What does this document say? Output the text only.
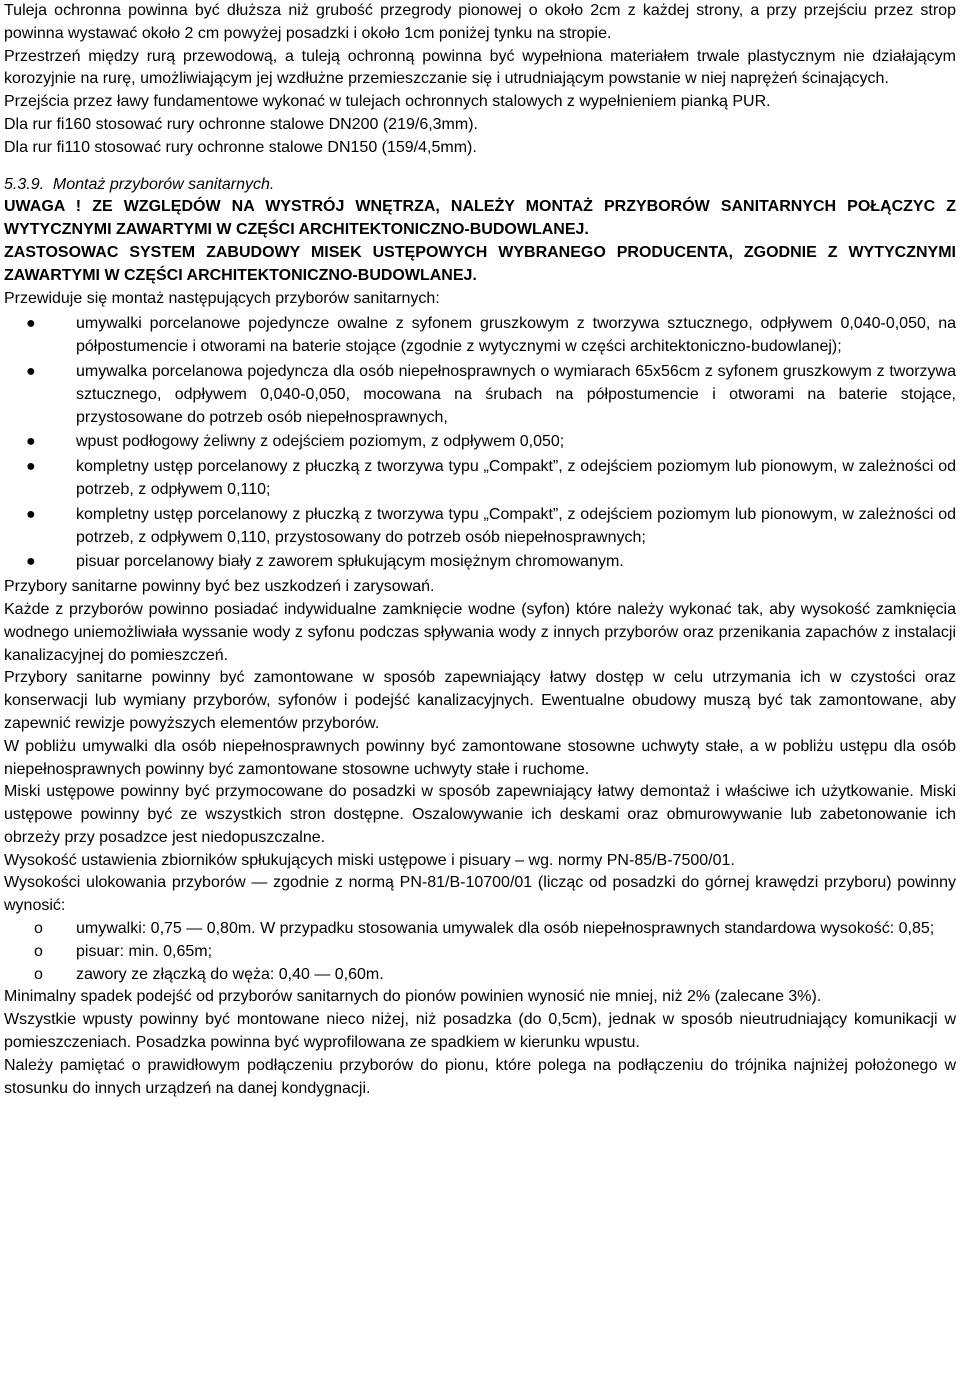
Tuleja ochronna powinna być dłuższa niż grubość przegrody pionowej o około 2cm z każdej strony, a przy przejściu przez strop powinna wystawać około 2 cm powyżej posadzki i około 1cm poniżej tynku na stropie.

Przestrzeń między rurą przewodową, a tuleją ochronną powinna być wypełniona materiałem trwale plastycznym nie działającym korozyjnie na rurę, umożliwiającym jej wzdłużne przemieszczanie się i utrudniającym powstanie w niej naprężeń ścinających.

Przejścia przez ławy fundamentowe wykonać w tulejach ochronnych stalowych z wypełnieniem pianką PUR.

Dla rur fi160 stosować rury ochronne stalowe DN200 (219/6,3mm).

Dla rur fi110 stosować rury ochronne stalowe DN150 (159/4,5mm).

5.3.9. Montaż przyborów sanitarnych.

UWAGA ! ZE WZGLĘDÓW NA WYSTRÓJ WNĘTRZA, NALEŻY MONTAŻ PRZYBORÓW SANITARNYCH POŁĄCZYC Z WYTYCZNYMI ZAWARTYMI W CZĘŚCI ARCHITEKTONICZNO-BUDOWLANEJ.

ZASTOSOWAC SYSTEM ZABUDOWY MISEK USTĘPOWYCH WYBRANEGO PRODUCENTA, ZGODNIE Z WYTYCZNYMI ZAWARTYMI W CZĘŚCI ARCHITEKTONICZNO-BUDOWLANEJ.

Przewiduje się montaż następujących przyborów sanitarnych:

●	umywalki porcelanowe pojedyncze owalne z syfonem gruszkowym z tworzywa sztucznego, odpływem 0,040-0,050, na półpostumencie i otworami na baterie stojące (zgodnie z wytycznymi w części architektoniczno-budowlanej);
●	umywalka porcelanowa pojedyncza dla osób niepełnosprawnych o wymiarach 65x56cm z syfonem gruszkowym z tworzywa sztucznego, odpływem 0,040-0,050, mocowana na śrubach na półpostumencie i otworami na baterie stojące, przystosowane do potrzeb osób niepełnosprawnych,
●	wpust podłogowy żeliwny z odejściem poziomym, z odpływem 0,050;
●	kompletny ustęp porcelanowy z płuczką z tworzywa typu „Compakt”, z odejściem poziomym lub pionowym, w zależności od potrzeb, z odpływem 0,110;
●	kompletny ustęp porcelanowy z płuczką z tworzywa typu „Compakt”, z odejściem poziomym lub pionowym, w zależności od potrzeb, z odpływem 0,110, przystosowany do potrzeb osób niepełnosprawnych;
●	pisuar porcelanowy biały z zaworem spłukującym mosiężnym chromowanym.

Przybory sanitarne powinny być bez uszkodzeń i zarysowań.

Każde z przyborów powinno posiadać indywidualne zamknięcie wodne (syfon) które należy wykonać tak, aby wysokość zamknięcia wodnego uniemożliwiała wyssanie wody z syfonu podczas spływania wody z innych przyborów oraz przenikania zapachów z instalacji kanalizacyjnej do pomieszczeń.

Przybory sanitarne powinny być zamontowane w sposób zapewniający łatwy dostęp w celu utrzymania ich w czystości oraz konserwacji lub wymiany przyborów, syfonów i podejść kanalizacyjnych. Ewentualne obudowy muszą być tak zamontowane, aby zapewnić rewizje powyższych elementów przyborów.

W pobliżu umywalki dla osób niepełnosprawnych powinny być zamontowane stosowne uchwyty stałe, a w pobliżu ustępu dla osób niepełnosprawnych powinny być zamontowane stosowne uchwyty stałe i ruchome.

Miski ustępowe powinny być przymocowane do posadzki w sposób zapewniający łatwy demontaż i właściwe ich użytkowanie. Miski ustępowe powinny być ze wszystkich stron dostępne. Oszalowywanie ich deskami oraz obmurowywanie lub zabetonowanie ich obrzeży przy posadzce jest niedopuszczalne.

Wysokość ustawienia zbiorników spłukujących miski ustępowe i pisuary – wg. normy PN-85/B-7500/01.

Wysokości ulokowania przyborów — zgodnie z normą PN-81/B-10700/01 (licząc od posadzki do górnej krawędzi przyboru) powinny wynosić:

o umywalki: 0,75 — 0,80m. W przypadku stosowania umywalek dla osób niepełnosprawnych standardowa wysokość: 0,85;
o pisuar: min. 0,65m;
o zawory ze złączką do węża: 0,40 — 0,60m.

Minimalny spadek podejść od przyborów sanitarnych do pionów powinien wynosić nie mniej, niż 2% (zalecane 3%).

Wszystkie wpusty powinny być montowane nieco niżej, niż posadzka (do 0,5cm), jednak w sposób nieutrudniający komunikacji w pomieszczeniach. Posadzka powinna być wyprofilowana ze spadkiem w kierunku wpustu.

Należy pamiętać o prawidłowym podłączeniu przyborów do pionu, które polega na podłączeniu do trójnika najniżej położonego w stosunku do innych urządzeń na danej kondygnacji.
